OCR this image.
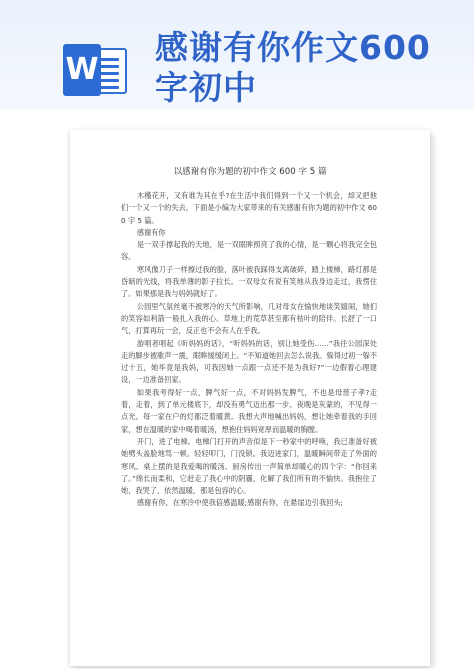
W
感谢有你作文600字初中
以感谢有你为题的初中作文 600 字 5 篇

木槿花开，又有谁为其在乎?在生活中我们得到一个又一个机会，却又把他们一个又一个的失去，下面是小编为大家带来的有关感谢有你为题的初中作文 600 字 5 篇。

感谢有你

是一双手撑起我的天地，是一双眼眸照亮了我的心情，是一颗心将我完全包容。

寒风像刀子一样擦过我的脸，落叶被我踩得支离破碎，踏上楼梯，路灯都是昏暗的光线，将我单薄的影子拉长。一双母女有说有笑地从我身边走过，我愣住了。如果那是我与妈妈就好了。

公园里气氛丝毫不被寒冷的天气所影响，几对母女在愉快地谈笑嬉闹，她们的笑容如利箭一般扎入我的心。草地上的荒草甚至都有枯叶的陪伴。长舒了一口气，打算再玩一会，反正也不会有人在乎我。

游唱者唱起《听妈妈的话》，“听妈妈的话，别让她受伤……”我往公园深处走的脚步被歌声一震，眼眸缓缓闭上。“不知道她回去怎么说我。躲得过初一躲不过十五，她毕竟是我妈，可我因她一点跟一点还不是为我好?”一边假着心理建设，一边准备回家。

如果我考得好一点，脾气好一点，不对妈妈发脾气，不也是母慈子孝?走着，走着，到了单元楼底下，却没有勇气迈出那一步。夜晚是灰蒙的，不见得一点光。每一家在户的灯都泛着暖黄。我想大声地喊出妈妈，想让她牵着我的手回家，想在温暖的家中喝着暖汤，想抱住妈妈宽厚而温暖的胸膛。

开门，进了电梯。电梯门打开的声音似是下一秒家中的呼唤，我已准备好被她劈头盖脸地骂一顿。轻轻叩门，门没锁。我迈进家门，温暖瞬间带走了外面的寒风。桌上摆的是我爱喝的暖汤。厨房传出一声简单却暖心的四个字：“你回来了。”绵长而柔和，它赶走了我心中的阴霾，化解了我们所有的不愉快。我抱住了她，我哭了，依然温暖，那是包容的心。

感谢有你，在寒冷中使我倍感温暖;感谢有你，在悬崖边引我回头;
